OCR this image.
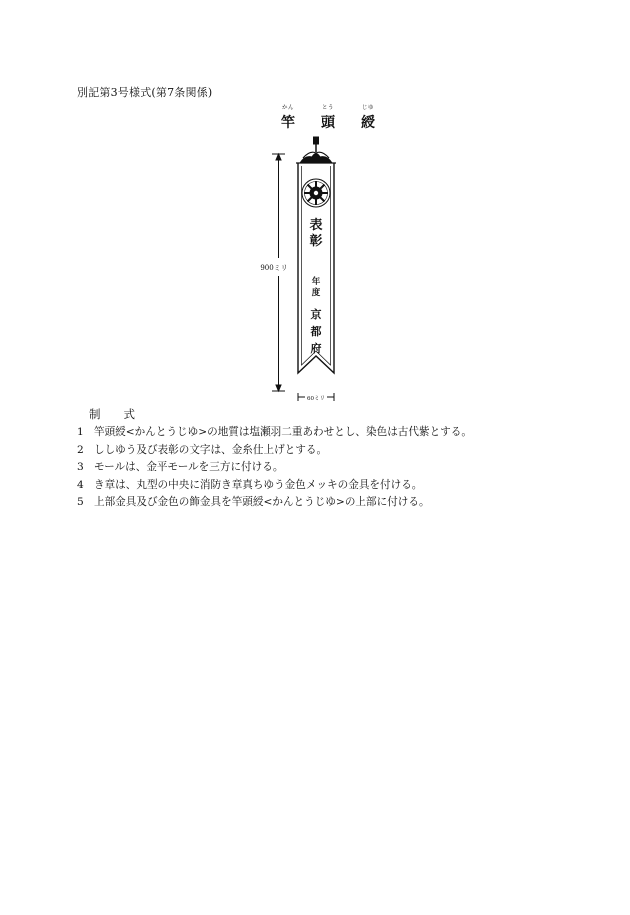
別記第3号様式(第7条関係)
かん
竿
とう
頭
じゆ
綬
表
彰
年
度
京
都
府
900ミリ
60ミリ
制　　式
1 竿頭綬<かんとうじゆ>の地質は塩瀬羽二重あわせとし、染色は古代紫とする。
2 ししゆう及び表彰の文字は、金糸仕上げとする。
3 モールは、金平モールを三方に付ける。
4 き章は、丸型の中央に消防き章真ちゆう金色メッキの金具を付ける。
5 上部金具及び金色の飾金具を竿頭綬<かんとうじゆ>の上部に付ける。
